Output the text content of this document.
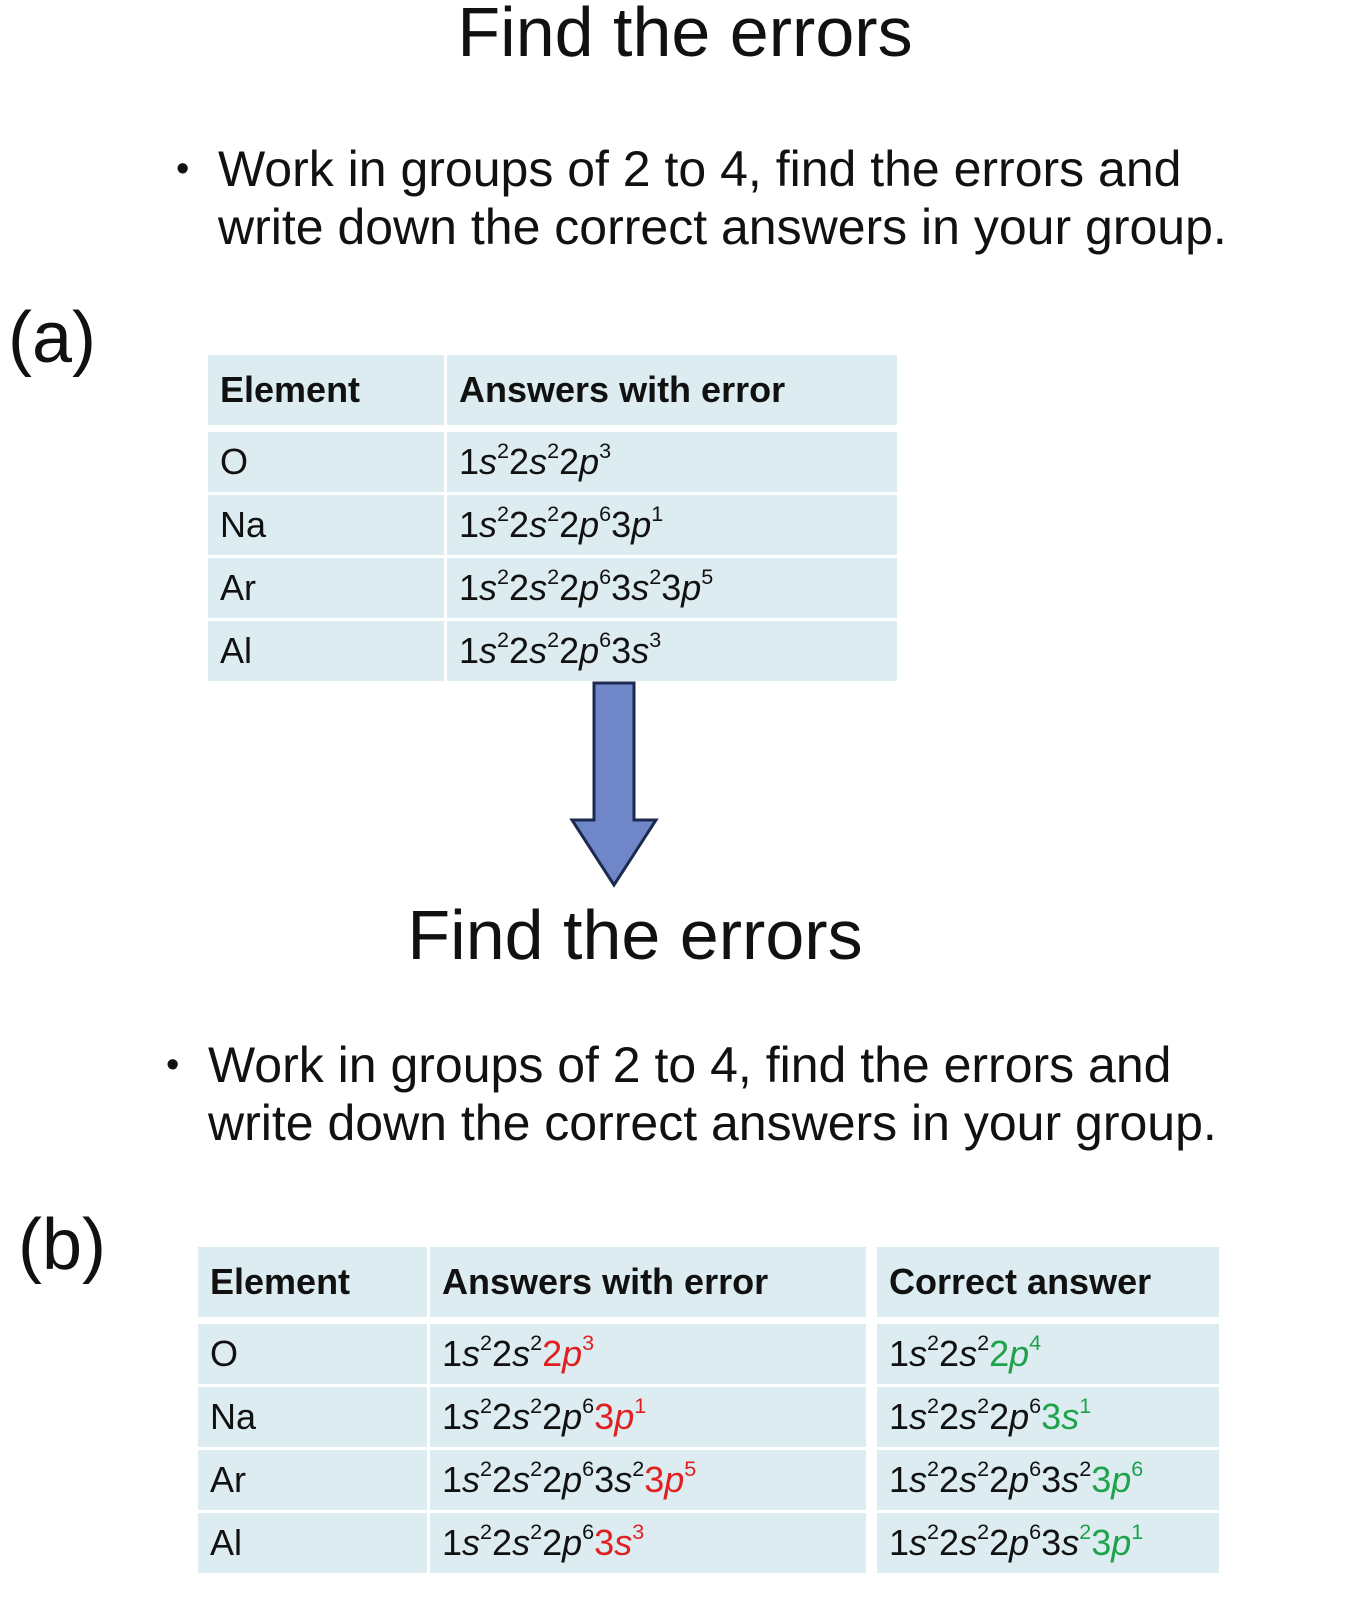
Find the errors
• Work in groups of 2 to 4, find the errors and
write down the correct answers in your group.
(a)
Element	Answers with error
O	$1s^22s^22p^3$
Na	$1s^22s^22p^63p^1$
Ar	$1s^22s^22p^63s^23p^5$
Al	$1s^22s^22p^63s^3$
Find the errors
• Work in groups of 2 to 4, find the errors and
write down the correct answers in your group.
(b)	Element	Answers with error	Correct answer
O	$1s^22s^22p^3$	$1s^22s^22p^4$
Na	$1s^22s^22p^63p^1$	$1s^22s^22p^63s^1$
Ar	$1s^22s^22p^63s^23p^5$	$1s^22s^22p^63s^23p^6$
Al	$1s^22s^22p^63s^3$	$1s^22s^22p^63s^23p^1$
